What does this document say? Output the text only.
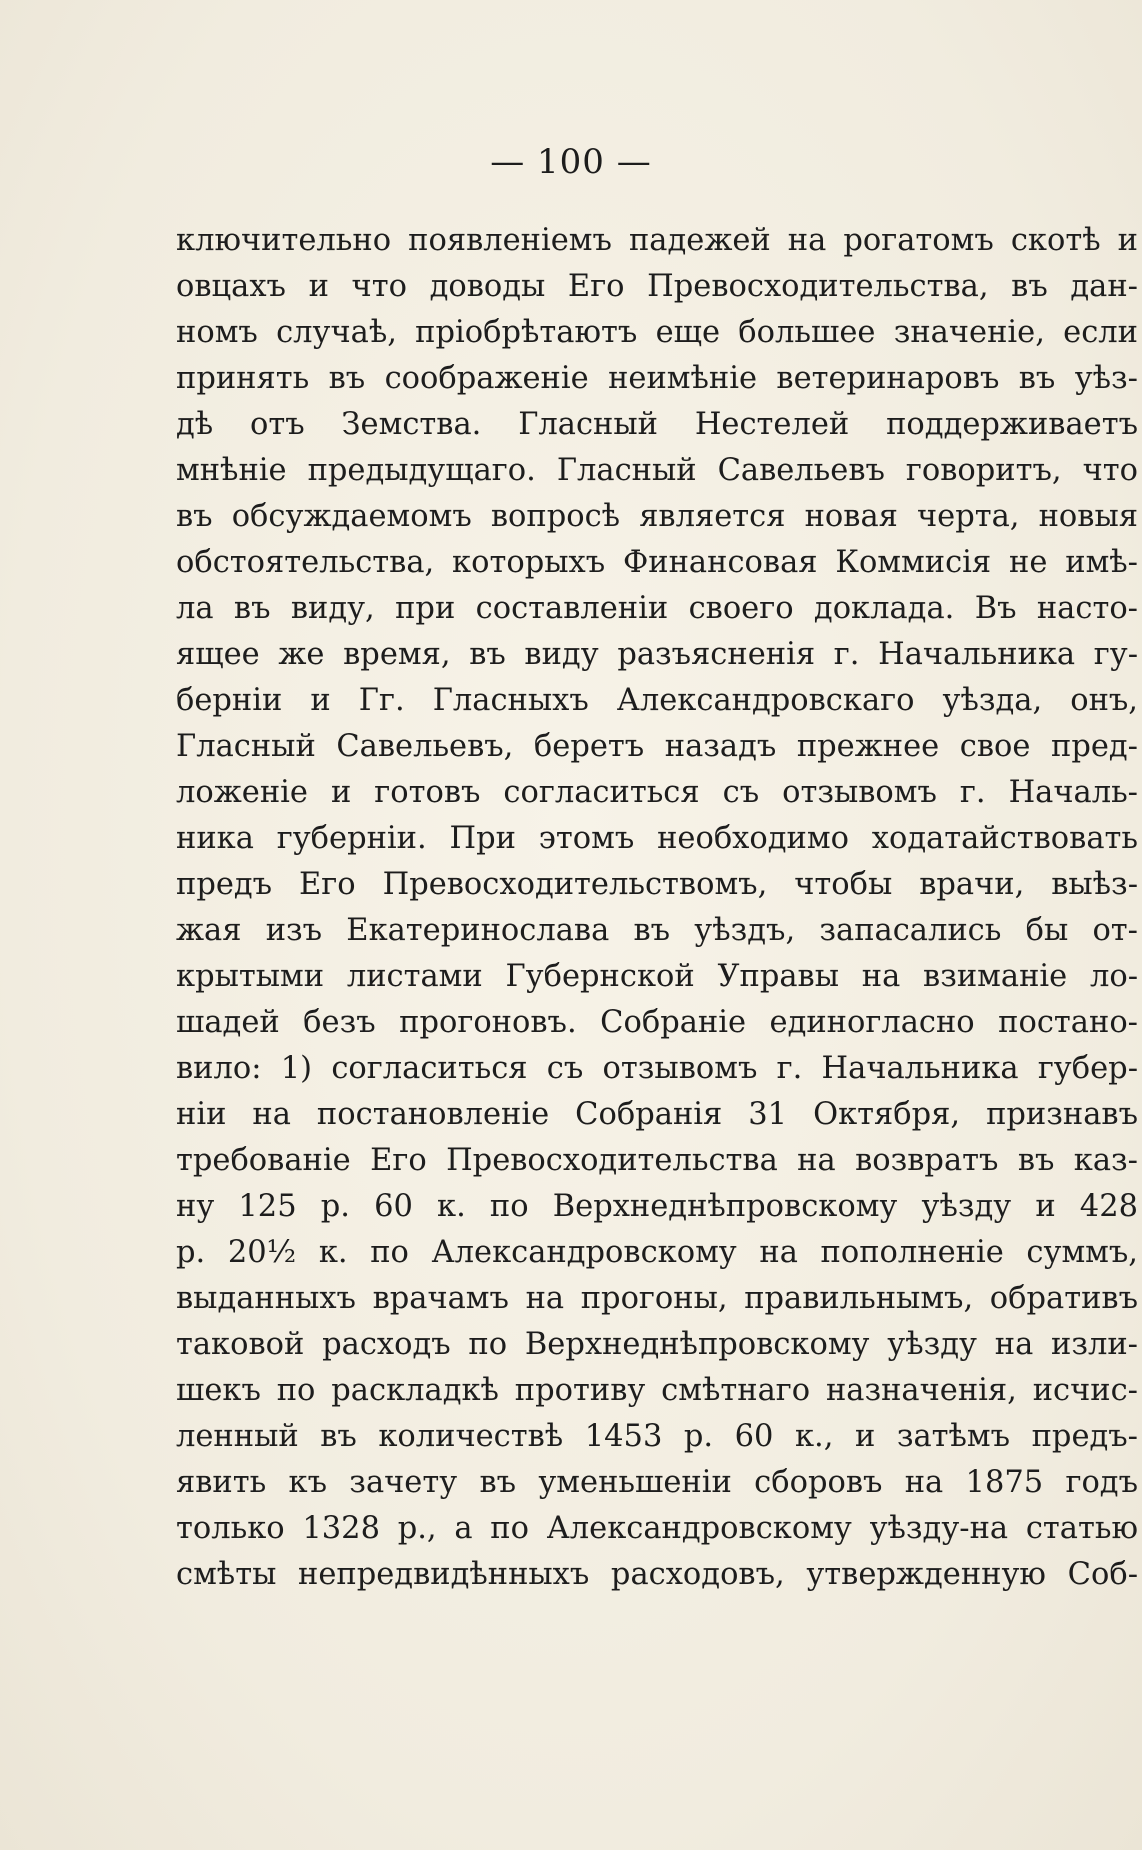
— 100 —
ключительно появленіемъ падежей на рогатомъ скотѣ и
овцахъ и что доводы Его Превосходительства, въ дан-
номъ случаѣ, пріобрѣтаютъ еще большее значеніе, если
принять въ соображеніе неимѣніе ветеринаровъ въ уѣз-
дѣ отъ Земства. Гласный Нестелей поддерживаетъ
мнѣніе предыдущаго. Гласный Савельевъ говоритъ, что
въ обсуждаемомъ вопросѣ является новая черта, новыя
обстоятельства, которыхъ Финансовая Коммисія не имѣ-
ла въ виду, при составленіи своего доклада. Въ насто-
ящее же время, въ виду разъясненія г. Начальника гу-
берніи и Гг. Гласныхъ Александровскаго уѣзда, онъ,
Гласный Савельевъ, беретъ назадъ прежнее свое пред-
ложеніе и готовъ согласиться съ отзывомъ г. Началь-
ника губерніи. При этомъ необходимо ходатайствовать
предъ Его Превосходительствомъ, чтобы врачи, выѣз-
жая изъ Екатеринослава въ уѣздъ, запасались бы от-
крытыми листами Губернской Управы на взиманіе ло-
шадей безъ прогоновъ. Собраніе единогласно постано-
вило: 1) согласиться съ отзывомъ г. Начальника губер-
ніи на постановленіе Собранія 31 Октября, признавъ
требованіе Его Превосходительства на возвратъ въ каз-
ну 125 р. 60 к. по Верхнеднѣпровскому уѣзду и 428
р. 20½ к. по Александровскому на пополненіе суммъ,
выданныхъ врачамъ на прогоны, правильнымъ, обративъ
таковой расходъ по Верхнеднѣпровскому уѣзду на изли-
шекъ по раскладкѣ противу смѣтнаго назначенія, исчис-
ленный въ количествѣ 1453 р. 60 к., и затѣмъ предъ-
явить къ зачету въ уменьшеніи сборовъ на 1875 годъ
только 1328 р., а по Александровскому уѣзду-на статью
смѣты непредвидѣнныхъ расходовъ, утвержденную Соб-
